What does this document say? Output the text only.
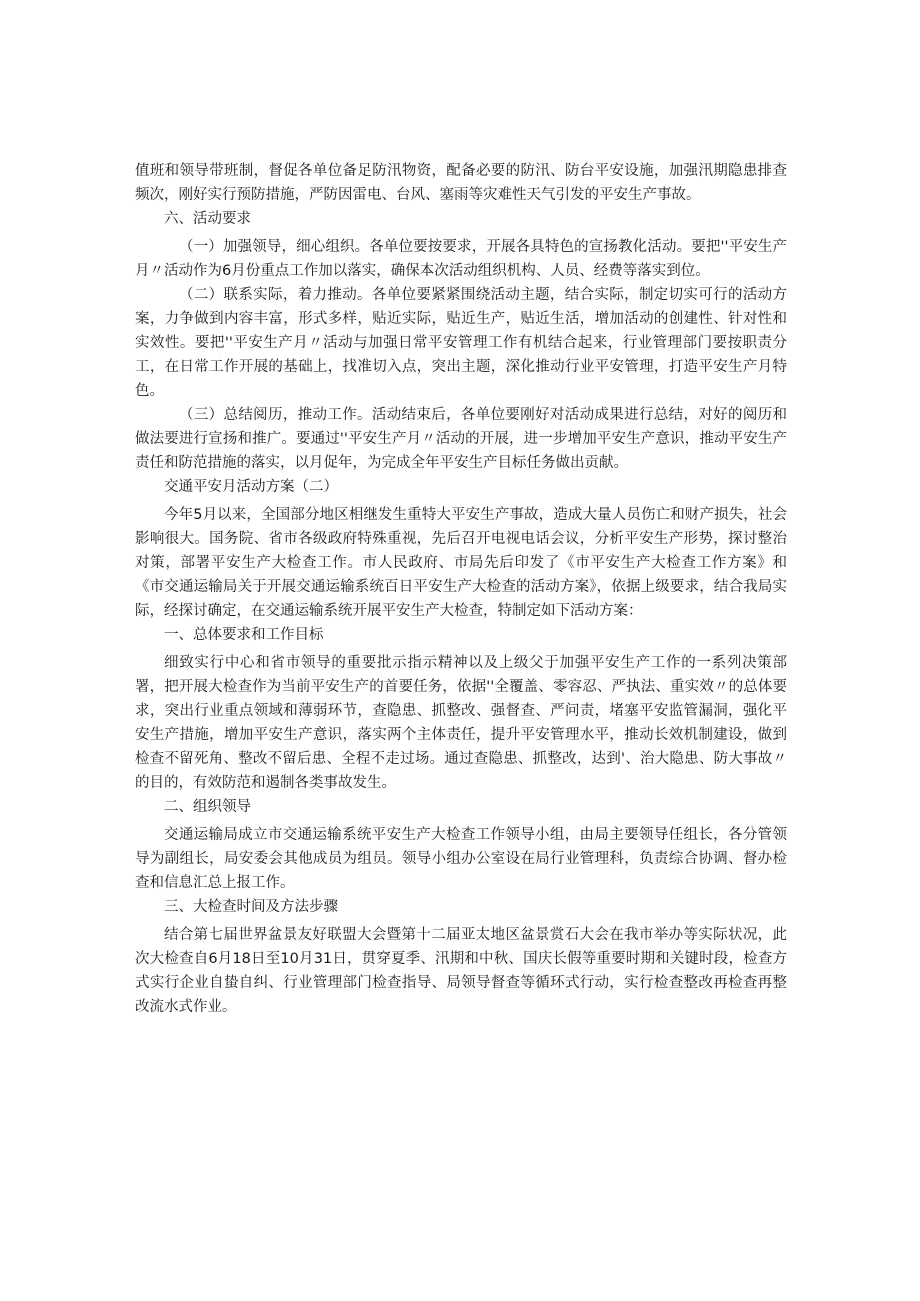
值班和领导带班制，督促各单位备足防汛物资，配备必要的防汛、防台平安设施，加强汛期隐患排查频次，刚好实行预防措施，严防因雷电、台风、塞雨等灾难性天气引发的平安生产事故。

六、活动要求

（一）加强领导，细心组织。各单位要按要求，开展各具特色的宣扬教化活动。要把''平安生产月〃活动作为6月份重点工作加以落实，确保本次活动组织机构、人员、经费等落实到位。

（二）联系实际，着力推动。各单位要紧紧围绕活动主题，结合实际，制定切实可行的活动方案，力争做到内容丰富，形式多样，贴近实际，贴近生产，贴近生活，增加活动的创建性、针对性和实效性。要把''平安生产月〃活动与加强日常平安管理工作有机结合起来，行业管理部门要按职责分工，在日常工作开展的基础上，找准切入点，突出主题，深化推动行业平安管理，打造平安生产月特色。

（三）总结阅历，推动工作。活动结束后，各单位要刚好对活动成果进行总结，对好的阅历和做法要进行宣扬和推广。要通过''平安生产月〃活动的开展，进一步增加平安生产意识，推动平安生产责任和防范措施的落实，以月促年，为完成全年平安生产目标任务做出贡献。

交通平安月活动方案（二）

今年5月以来，全国部分地区相继发生重特大平安生产事故，造成大量人员伤亡和财产损失，社会影响很大。国务院、省市各级政府特殊重视，先后召开电视电话会议，分析平安生产形势，探讨整治对策，部署平安生产大检查工作。市人民政府、市局先后印发了《市平安生产大检查工作方案》和《市交通运输局关于开展交通运输系统百日平安生产大检查的活动方案》，依据上级要求，结合我局实际，经探讨确定，在交通运输系统开展平安生产大检查，特制定如下活动方案：

一、总体要求和工作目标

细致实行中心和省市领导的重要批示指示精神以及上级父于加强平安生产工作的一系列决策部署，把开展大检查作为当前平安生产的首要任务，依据''全覆盖、零容忍、严执法、重实效〃的总体要求，突出行业重点领域和薄弱环节，查隐患、抓整改、强督查、严问责，堵塞平安监管漏洞，强化平安生产措施，增加平安生产意识，落实两个主体责任，提升平安管理水平，推动长效机制建设，做到检查不留死角、整改不留后患、全程不走过场。通过查隐患、抓整改，达到'、治大隐患、防大事故〃的目的，有效防范和遏制各类事故发生。

二、组织领导

交通运输局成立市交通运输系统平安生产大检查工作领导小组，由局主要领导任组长，各分管领导为副组长，局安委会其他成员为组员。领导小组办公室设在局行业管理科，负责综合协调、督办检查和信息汇总上报工作。

三、大检查时间及方法步骤

结合第七届世界盆景友好联盟大会暨第十二届亚太地区盆景赏石大会在我市举办等实际状况，此次大检查自6月18日至10月31日，贯穿夏季、汛期和中秋、国庆长假等重要时期和关键时段，检查方式实行企业自蛰自纠、行业管理部门检查指导、局领导督查等循环式行动，实行检查整改再检查再整改流水式作业。
